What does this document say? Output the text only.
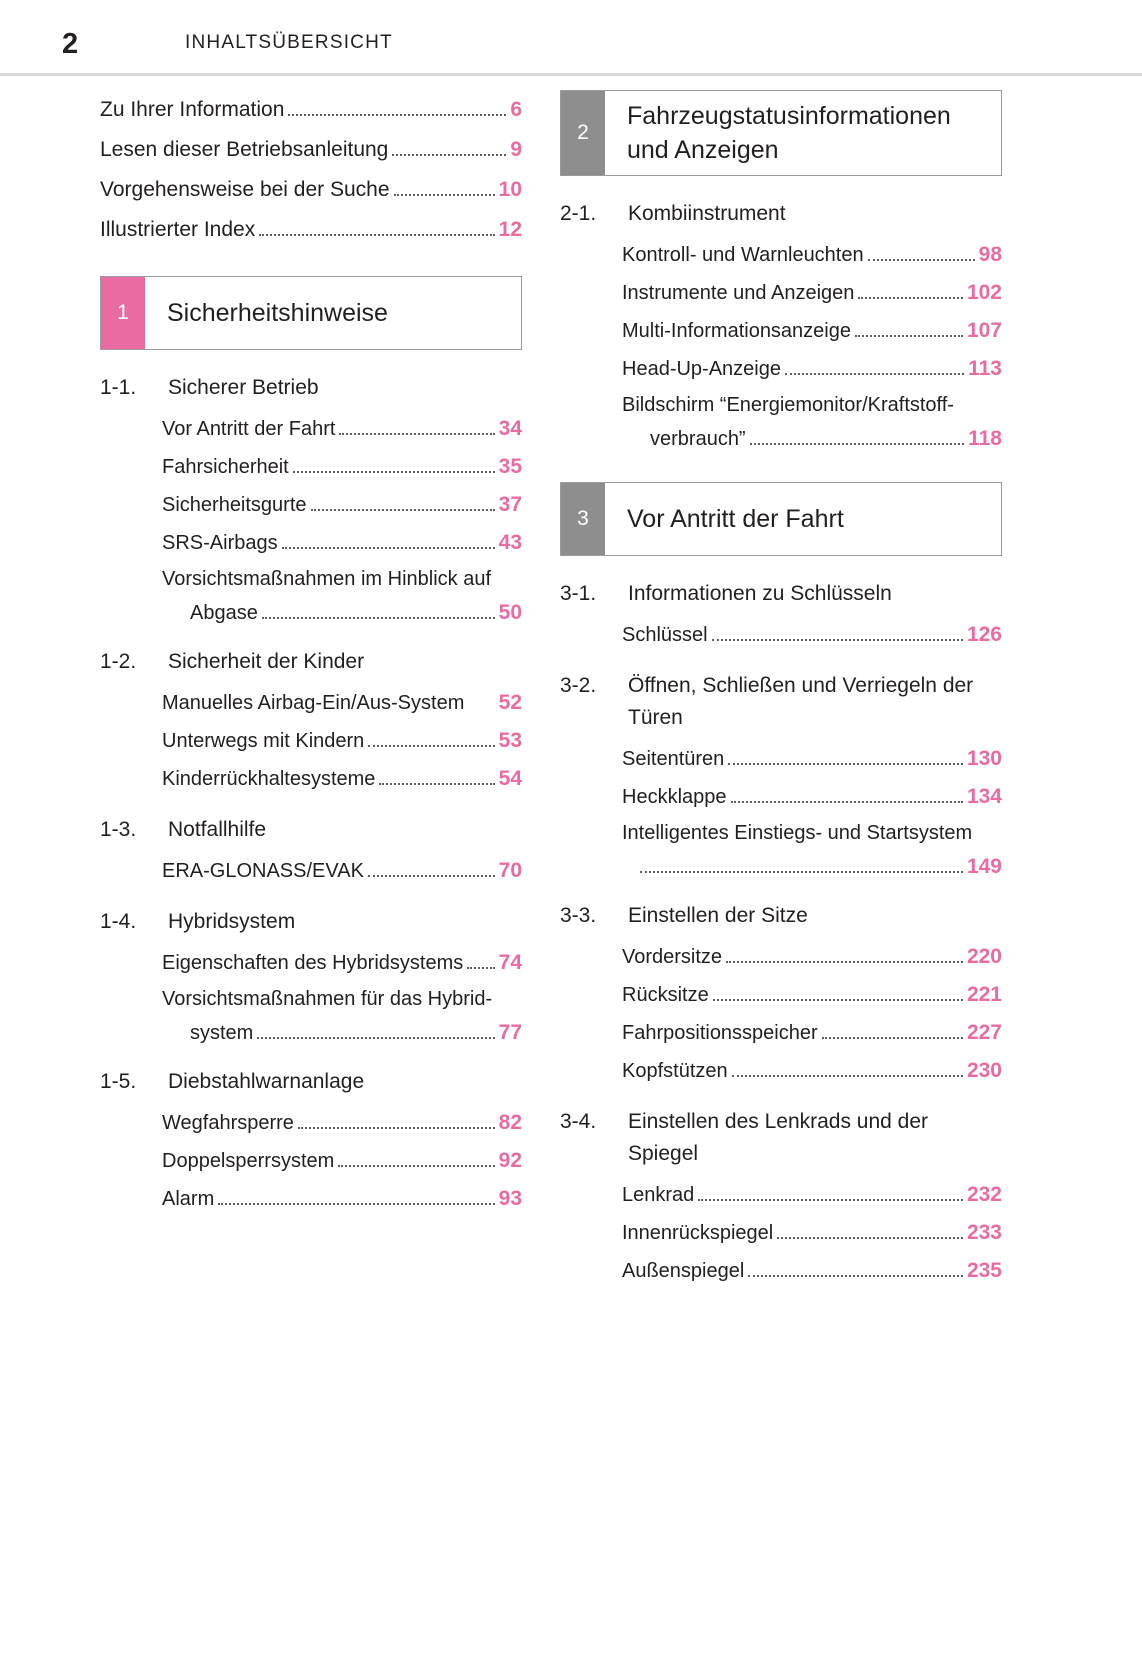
2	INHALTSÜBERSICHT
Zu Ihrer Information	6
Lesen dieser Betriebsanleitung	9
Vorgehensweise bei der Suche	10
Illustrierter Index	12
1	Sicherheitshinweise
1-1.	Sicherer Betrieb
Vor Antritt der Fahrt	34
Fahrsicherheit	35
Sicherheitsgurte	37
SRS-Airbags	43
Vorsichtsmaßnahmen im Hinblick auf
Abgase	50
1-2.	Sicherheit der Kinder
Manuelles Airbag-Ein/Aus-System 52
Unterwegs mit Kindern	53
Kinderrückhaltesysteme	54
1-3.	Notfallhilfe
ERA-GLONASS/EVAK	70
1-4.	Hybridsystem
Eigenschaften des Hybridsystems 74
Vorsichtsmaßnahmen für das Hybrid-
system	77
1-5.	Diebstahlwarnanlage
Wegfahrsperre	82
Doppelsperrsystem	92
Alarm	93
2
Fahrzeugstatusinformationen und Anzeigen
2-1.	Kombiinstrument
Kontroll- und Warnleuchten	98
Instrumente und Anzeigen	102
Multi-Informationsanzeige	107
Head-Up-Anzeige	113
Bildschirm “Energiemonitor/Kraftstoff-
verbrauch”	118
3	Vor Antritt der Fahrt
3-1.	Informationen zu Schlüsseln
Schlüssel	126
3-2.	Öffnen, Schließen und Verriegeln der Türen
Seitentüren	130
Heckklappe	134
Intelligentes Einstiegs- und Startsystem
149
3-3.	Einstellen der Sitze
Vordersitze	220
Rücksitze	221
Fahrpositionsspeicher	227
Kopfstützen	230
3-4.	Einstellen des Lenkrads und der Spiegel
Lenkrad	232
Innenrückspiegel	233
Außenspiegel	235
